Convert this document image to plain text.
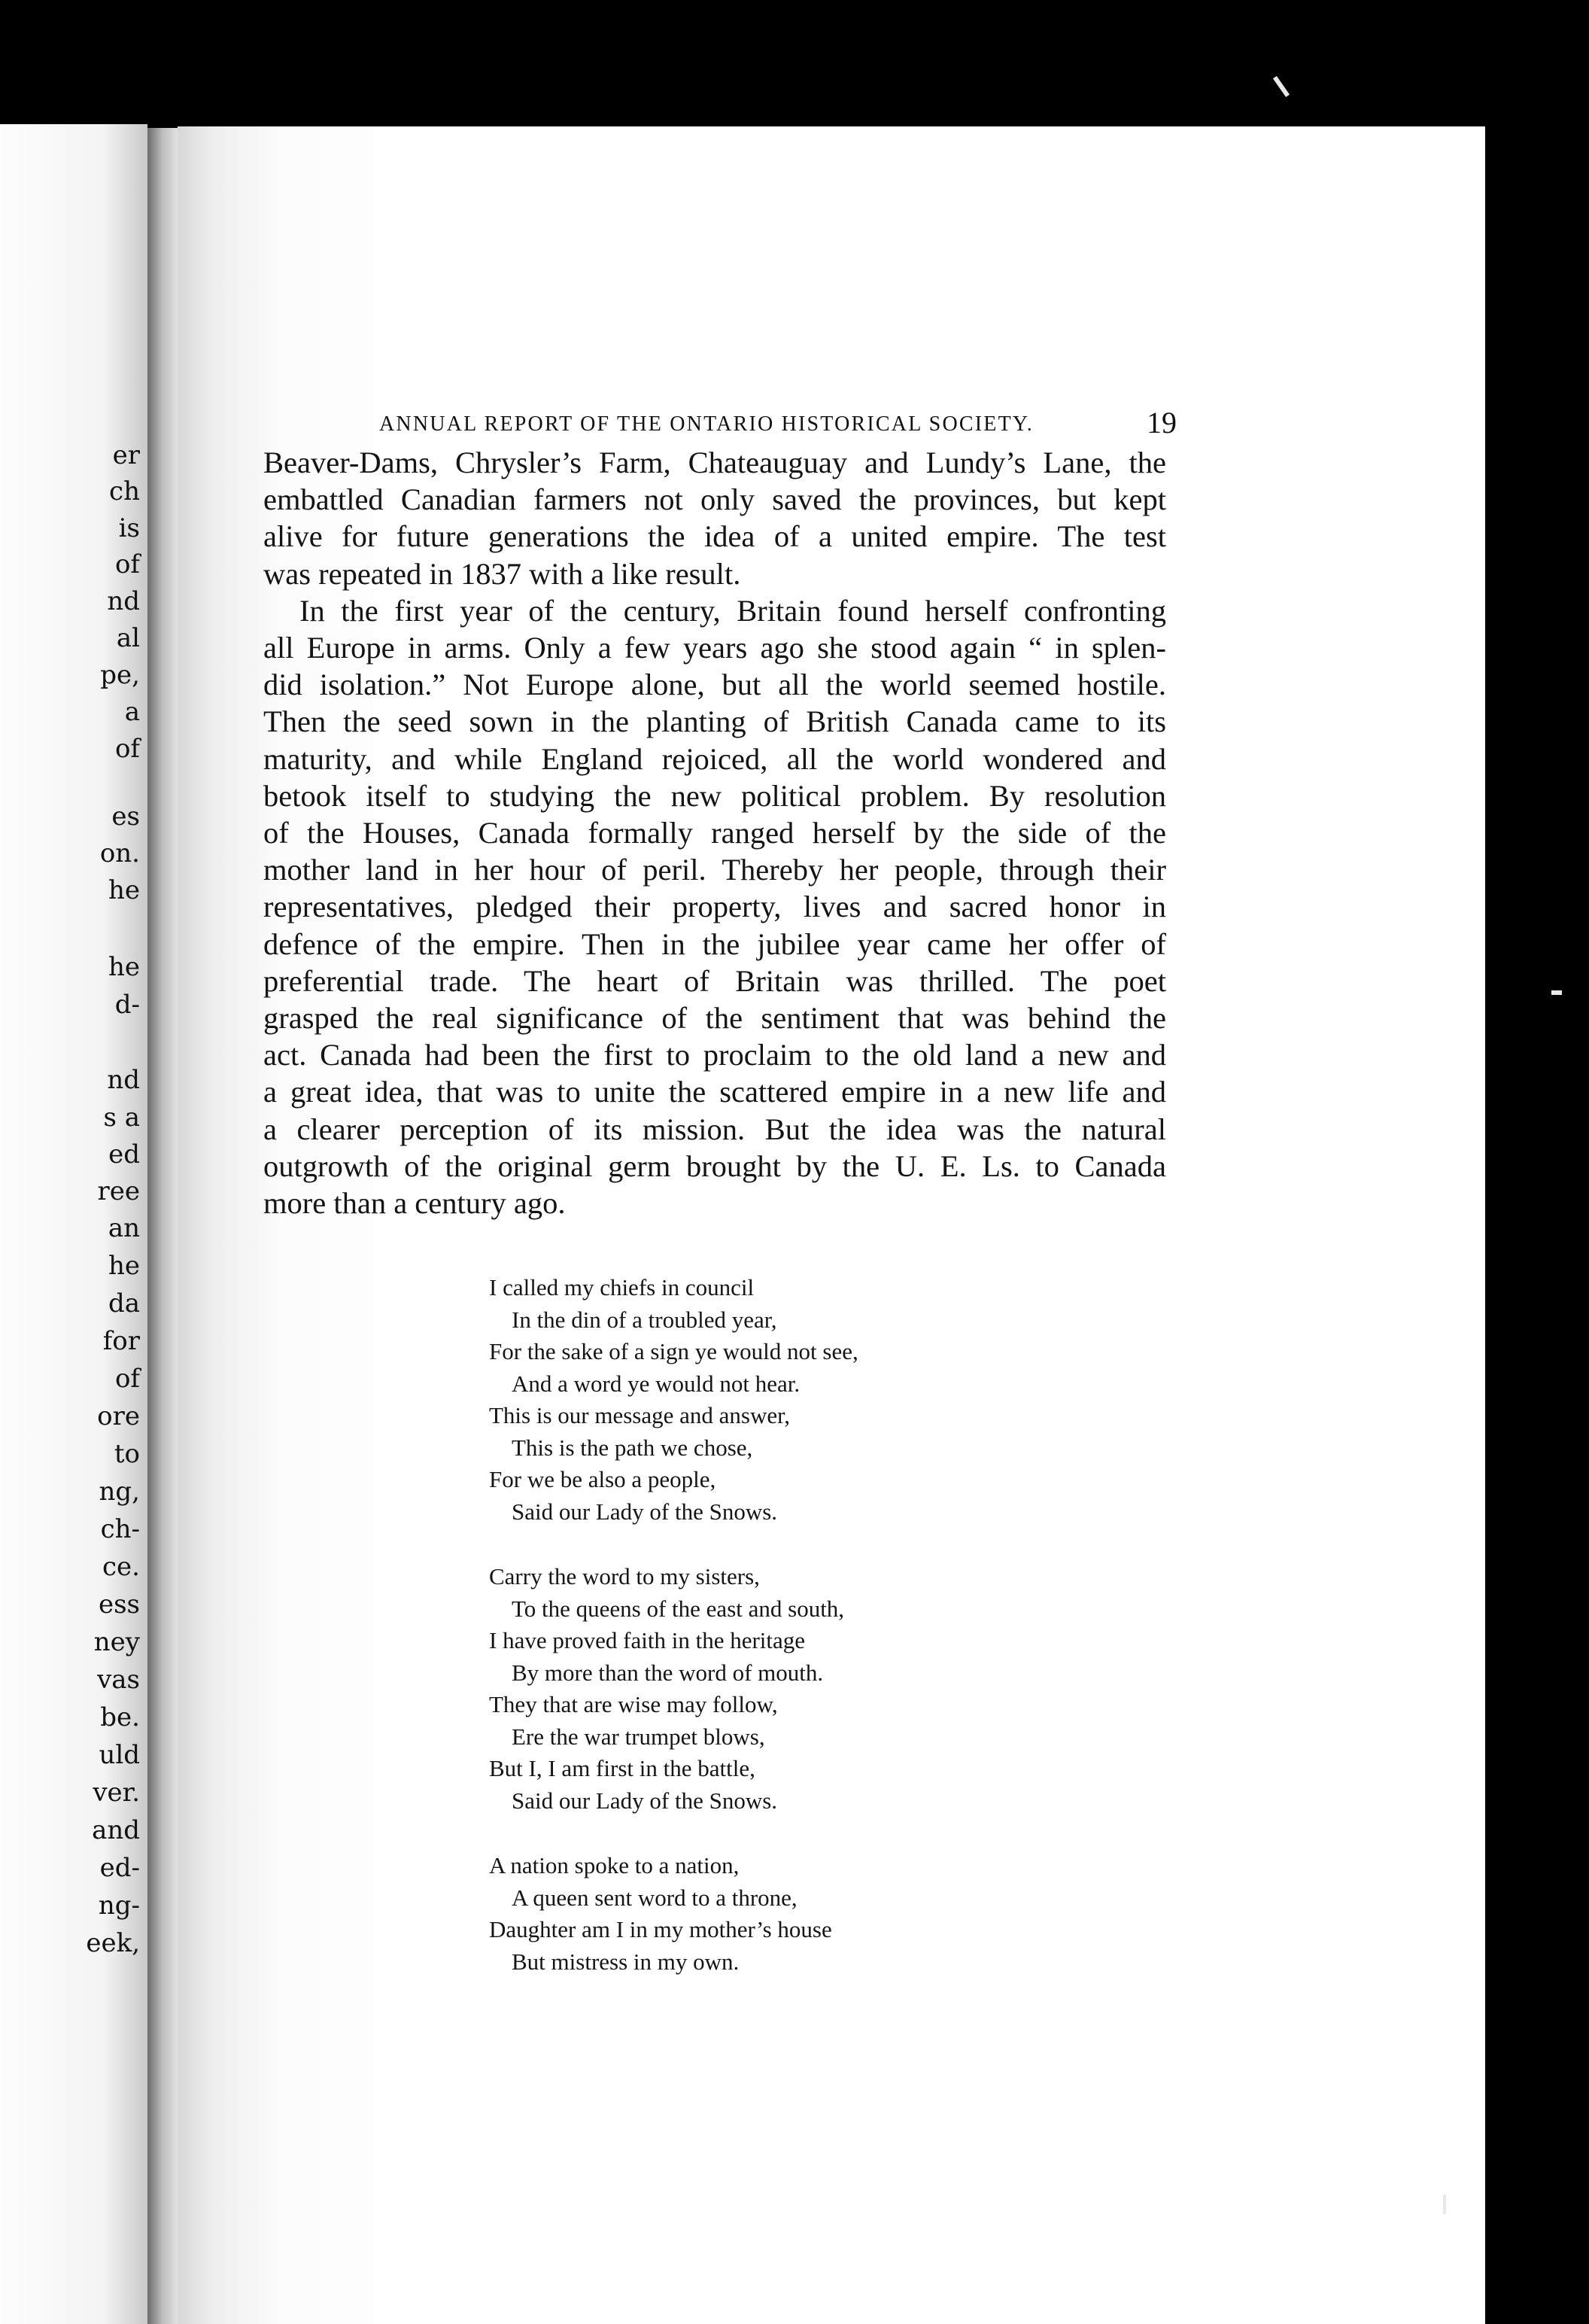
er
ch
is
of
nd
al
pe,
a
of
es
on.
he
he
d-
nd
s a
ed
ree
an
he
da
for
of
ore
to
ng,
ch-
ce.
ess
ney
vas
be.
uld
ver.
and
ed-
ng-
eek,
ANNUAL REPORT OF THE ONTARIO HISTORICAL SOCIETY.	19
Beaver-Dams, Chrysler’s Farm, Chateauguay and Lundy’s Lane, the
embattled Canadian farmers not only saved the provinces, but kept
alive for future generations the idea of a united empire. The test
was repeated in 1837 with a like result.
In the first year of the century, Britain found herself confronting
all Europe in arms. Only a few years ago she stood again “ in splen-
did isolation.” Not Europe alone, but all the world seemed hostile.
Then the seed sown in the planting of British Canada came to its
maturity, and while England rejoiced, all the world wondered and
betook itself to studying the new political problem. By resolution
of the Houses, Canada formally ranged herself by the side of the
mother land in her hour of peril. Thereby her people, through their
representatives, pledged their property, lives and sacred honor in
defence of the empire. Then in the jubilee year came her offer of
preferential trade. The heart of Britain was thrilled. The poet
grasped the real significance of the sentiment that was behind the
act. Canada had been the first to proclaim to the old land a new and
a great idea, that was to unite the scattered empire in a new life and
a clearer perception of its mission. But the idea was the natural
outgrowth of the original germ brought by the U. E. Ls. to Canada
more than a century ago.
I called my chiefs in council
In the din of a troubled year,
For the sake of a sign ye would not see,
And a word ye would not hear.
This is our message and answer,
This is the path we chose,
For we be also a people,
Said our Lady of the Snows.
Carry the word to my sisters,
To the queens of the east and south,
I have proved faith in the heritage
By more than the word of mouth.
They that are wise may follow,
Ere the war trumpet blows,
But I, I am first in the battle,
Said our Lady of the Snows.
A nation spoke to a nation,
A queen sent word to a throne,
Daughter am I in my mother’s house
But mistress in my own.
